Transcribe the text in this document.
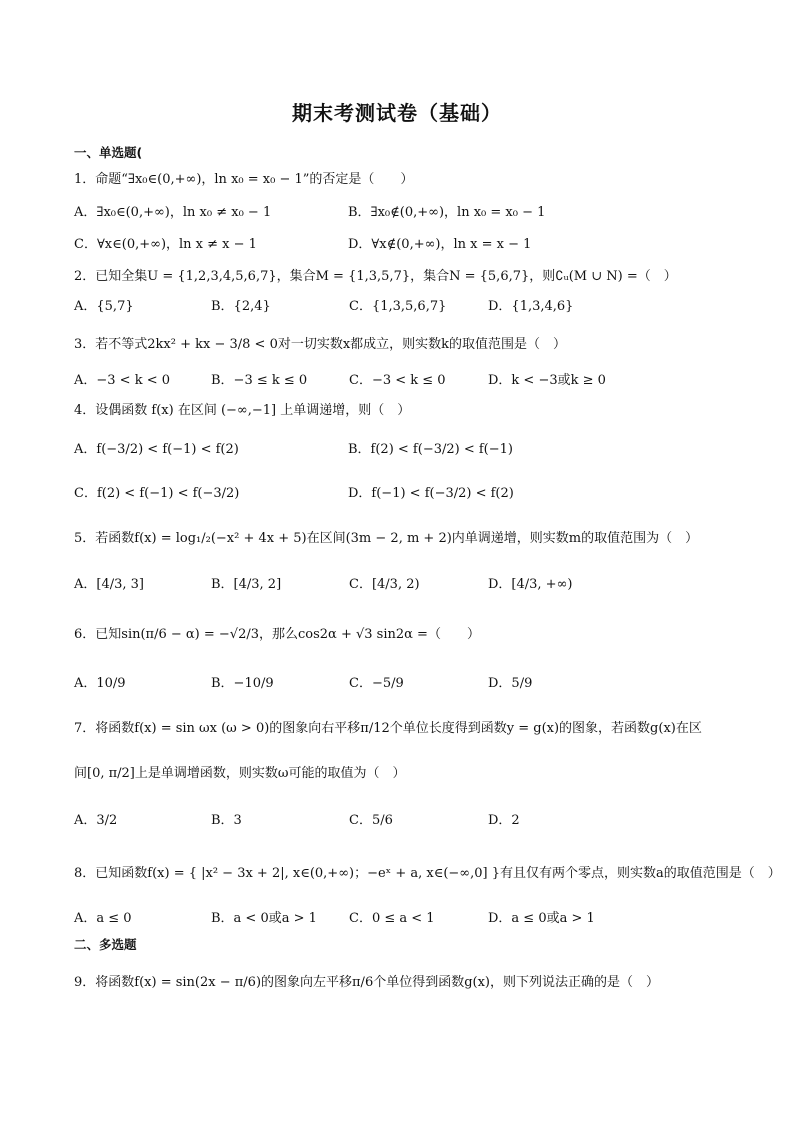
期末考测试卷（基础）
一、单选题(
1．命题“∃x₀∈(0,+∞)，ln x₀ = x₀ − 1”的否定是（　　）
A．∃x₀∈(0,+∞)，ln x₀ ≠ x₀ − 1	B．∃x₀∉(0,+∞)，ln x₀ = x₀ − 1
C．∀x∈(0,+∞)，ln x ≠ x − 1	D．∀x∉(0,+∞)，ln x = x − 1
2．已知全集U = {1,2,3,4,5,6,7}，集合M = {1,3,5,7}，集合N = {5,6,7}，则∁ᵤ(M ∪ N) =（　）
A．{5,7}	B．{2,4}	C．{1,3,5,6,7}	D．{1,3,4,6}
3．若不等式2kx² + kx − 3/8 < 0对一切实数x都成立，则实数k的取值范围是（　）
A．−3 < k < 0	B．−3 ≤ k ≤ 0	C．−3 < k ≤ 0	D．k < −3或k ≥ 0
4．设偶函数 f(x) 在区间 (−∞,−1] 上单调递增，则（　）
A．f(−3/2) < f(−1) < f(2)	B．f(2) < f(−3/2) < f(−1)
C．f(2) < f(−1) < f(−3/2)	D．f(−1) < f(−3/2) < f(2)
5．若函数f(x) = log₁/₂(−x² + 4x + 5)在区间(3m − 2, m + 2)内单调递增，则实数m的取值范围为（　）
A．[4/3, 3]	B．[4/3, 2]	C．[4/3, 2)	D．[4/3, +∞)
6．已知sin(π/6 − α) = −√2/3，那么cos2α + √3 sin2α =（　　）
A．10/9	B．−10/9	C．−5/9	D．5/9
7．将函数f(x) = sin ωx (ω > 0)的图象向右平移π/12个单位长度得到函数y = g(x)的图象，若函数g(x)在区
间[0, π/2]上是单调增函数，则实数ω可能的取值为（　）
A．3/2	B．3	C．5/6	D．2
8．已知函数f(x) = { |x² − 3x + 2|, x∈(0,+∞)；−eˣ + a, x∈(−∞,0] }有且仅有两个零点，则实数a的取值范围是（　）
A．a ≤ 0	B．a < 0或a > 1 C．0 ≤ a < 1	D．a ≤ 0或a > 1
二、多选题
9．将函数f(x) = sin(2x − π/6)的图象向左平移π/6个单位得到函数g(x)，则下列说法正确的是（　）
